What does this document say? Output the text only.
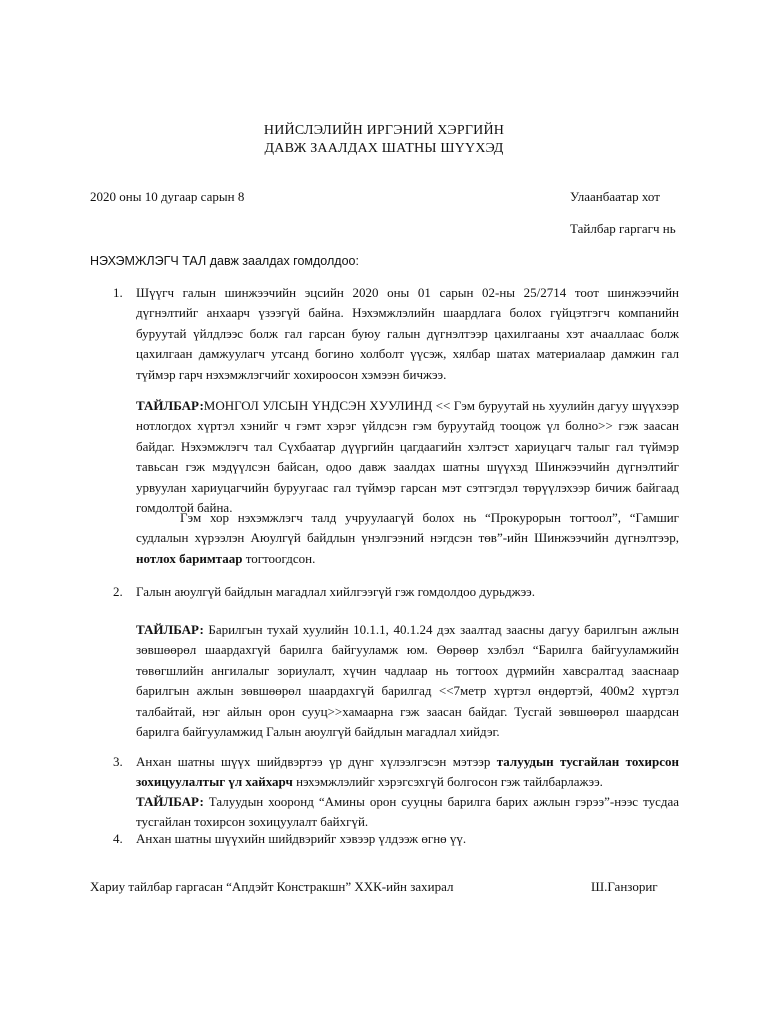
НИЙСЛЭЛИЙН ИРГЭНИЙ ХЭРГИЙН
ДАВЖ ЗААЛДАХ ШАТНЫ ШҮҮХЭД
2020 оны 10 дугаар сарын 8	Улаанбаатар хот
Тайлбар гаргагч нь
НЭХЭМЖЛЭГЧ ТАЛ давж заалдах гомдолдоо:
1. Шүүгч галын шинжээчийн эцсийн 2020 оны 01 сарын 02-ны 25/2714 тоот шинжээчийн дүгнэлтийг анхаарч үзээгүй байна. Нэхэмжлэлийн шаардлага болох гүйцэтгэгч компанийн буруутай үйлдлээс болж гал гарсан буюу галын дүгнэлтээр цахилгааны хэт ачааллаас болж цахилгаан дамжуулагч утсанд богино холболт үүсэж, хялбар шатах материалаар дамжин гал түймэр гарч нэхэмжлэгчийг хохироосон хэмээн бичжээ.

ТАЙЛБАР:МОНГОЛ УЛСЫН ҮНДСЭН ХУУЛИНД << Гэм буруутай нь хуулийн дагуу шүүхээр нотлогдох хүртэл хэнийг ч гэмт хэрэг үйлдсэн гэм буруутайд тооцож үл болно>> гэж заасан байдаг. Нэхэмжлэгч тал Сүхбаатар дүүргийн цагдаагийн хэлтэст хариуцагч талыг гал түймэр тавьсан гэж мэдүүлсэн байсан, одоо давж заалдах шатны шүүхэд Шинжээчийн дүгнэлтийг урвуулан хариуцагчийн буруугаас гал түймэр гарсан мэт сэтгэгдэл төрүүлэхээр бичиж байгаад гомдолтой байна.

Гэм хор нэхэмжлэгч талд учруулаагүй болох нь “Прокурорын тогтоол”, “Гамшиг судлалын хүрээлэн Аюулгүй байдлын үнэлгээний нэгдсэн төв”-ийн Шинжээчийн дүгнэлтээр, нотлох баримтаар тогтоогдсон.

2. Галын аюулгүй байдлын магадлал хийлгээгүй гэж гомдолдоо дурьджээ.

ТАЙЛБАР: Барилгын тухай хуулийн 10.1.1, 40.1.24 дэх заалтад заасны дагуу барилгын ажлын зөвшөөрөл шаардахгүй барилга байгууламж юм. Өөрөөр хэлбэл “Барилга байгууламжийн төвөгшлийн ангилалыг зориулалт, хүчин чадлаар нь тогтоох дүрмийн хавсралтад зааснаар барилгын ажлын зөвшөөрөл шаардахгүй барилгад <<7метр хүртэл өндөртэй, 400м2 хүртэл талбайтай, нэг айлын орон сууц>>хамаарна гэж заасан байдаг. Тусгай зөвшөөрөл шаардсан барилга байгууламжид Галын аюулгүй байдлын магадлал хийдэг.

3. Анхан шатны шүүх шийдвэртээ үр дүнг хүлээлгэсэн мэтээр талуудын тусгайлан тохирсон зохицуулалтыг үл хайхарч нэхэмжлэлийг хэрэгсэхгүй болгосон гэж тайлбарлажээ.

ТАЙЛБАР: Талуудын хооронд “Амины орон сууцны барилга барих ажлын гэрээ”-нээс тусдаа тусгайлан тохирсон зохицуулалт байхгүй.

4. Анхан шатны шүүхийн шийдвэрийг хэвээр үлдээж өгнө үү.

Хариу тайлбар гаргасан “Апдэйт Констракшн” ХХК-ийн захирал	Ш.Ганзориг
